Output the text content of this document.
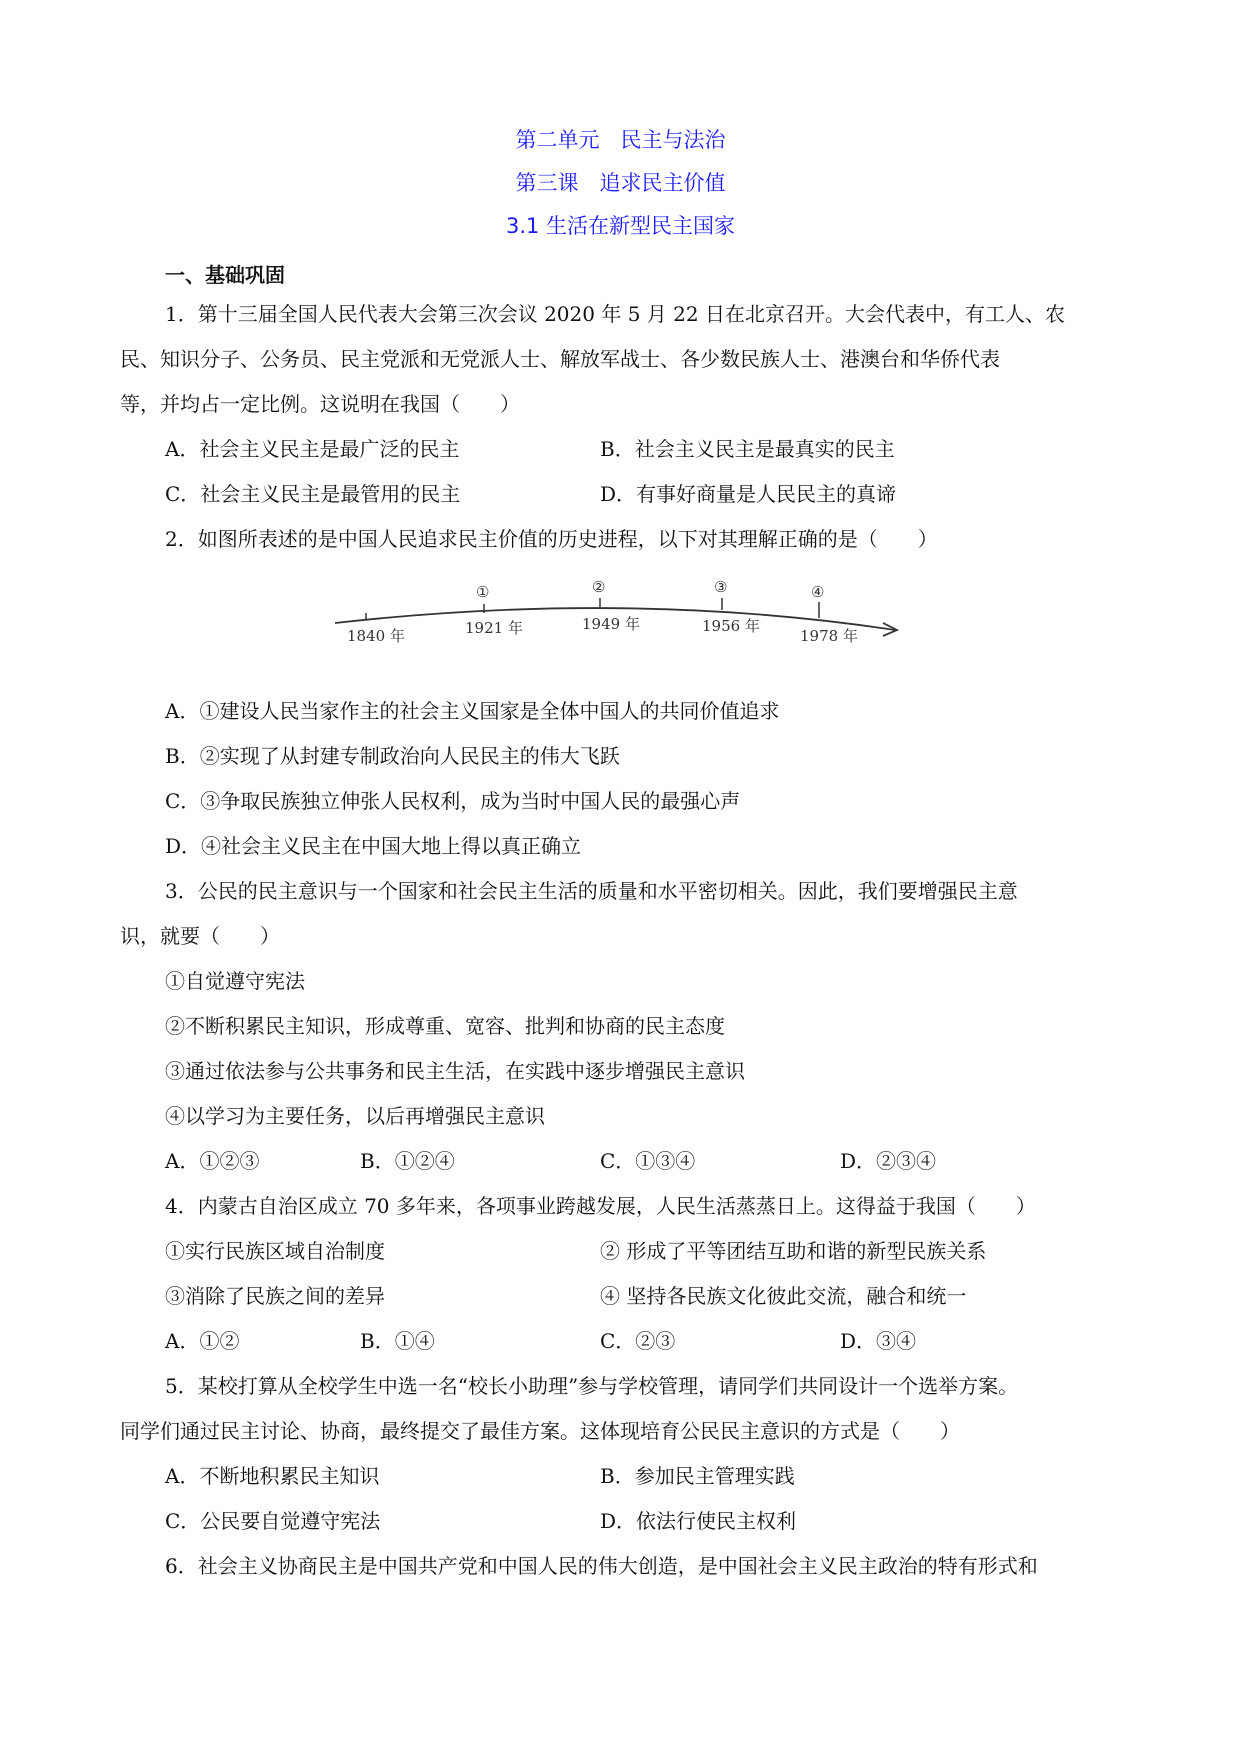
第二单元　民主与法治
第三课　追求民主价值
3.1 生活在新型民主国家
一、基础巩固
1．第十三届全国人民代表大会第三次会议 2020 年 5 月 22 日在北京召开。大会代表中，有工人、农
民、知识分子、公务员、民主党派和无党派人士、解放军战士、各少数民族人士、港澳台和华侨代表
等，并均占一定比例。这说明在我国（　　）
A．社会主义民主是最广泛的民主	B．社会主义民主是最真实的民主
C．社会主义民主是最管用的民主	D．有事好商量是人民民主的真谛
2．如图所表述的是中国人民追求民主价值的历史进程，以下对其理解正确的是（　　）
①	②	③	④
1840 年	1921 年	1949 年	1956 年
1978 年
A．①建设人民当家作主的社会主义国家是全体中国人的共同价值追求
B．②实现了从封建专制政治向人民民主的伟大飞跃
C．③争取民族独立伸张人民权利，成为当时中国人民的最强心声
D．④社会主义民主在中国大地上得以真正确立
3．公民的民主意识与一个国家和社会民主生活的质量和水平密切相关。因此，我们要增强民主意
识，就要（　　）
①自觉遵守宪法
②不断积累民主知识，形成尊重、宽容、批判和协商的民主态度
③通过依法参与公共事务和民主生活，在实践中逐步增强民主意识
④以学习为主要任务，以后再增强民主意识
A．①②③	B．①②④	C．①③④	D．②③④
4．内蒙古自治区成立 70 多年来，各项事业跨越发展，人民生活蒸蒸日上。这得益于我国（　　）
①实行民族区域自治制度	② 形成了平等团结互助和谐的新型民族关系
③消除了民族之间的差异	④ 坚持各民族文化彼此交流，融合和统一
A．①②	B．①④	C．②③	D．③④
5．某校打算从全校学生中选一名“校长小助理”参与学校管理，请同学们共同设计一个选举方案。
同学们通过民主讨论、协商，最终提交了最佳方案。这体现培育公民民主意识的方式是（　　）
A．不断地积累民主知识	B．参加民主管理实践
C．公民要自觉遵守宪法	D．依法行使民主权利
6．社会主义协商民主是中国共产党和中国人民的伟大创造，是中国社会主义民主政治的特有形式和
